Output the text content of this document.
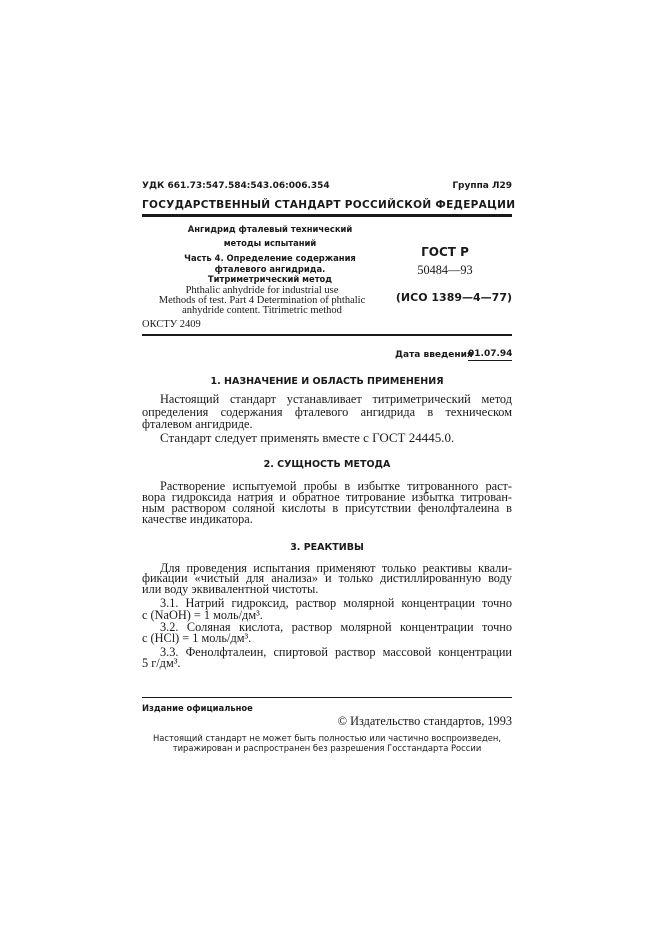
УДК 661.73:547.584:543.06:006.354	Группа Л29
ГОСУДАРСТВЕННЫЙ СТАНДАРТ РОССИЙСКОЙ ФЕДЕРАЦИИ
Ангидрид фталевый технический
методы испытаний
Часть 4. Определение содержания
фталевого ангидрида.
Титриметрический метод
ГОСТ Р
50484—93
Phthalic anhydride for industrial use
Methods of test. Part 4 Determination of phthalic
anhydride content. Titrimetric method
(ИСО 1389—4—77)
ОКСТУ 2409
Дата введения
01.07.94
1. НАЗНАЧЕНИЕ И ОБЛАСТЬ ПРИМЕНЕНИЯ
Настоящий стандарт устанавливает титриметрический метод
определения содержания фталевого ангидрида в техническом
фталевом ангидриде.
Стандарт следует применять вместе с ГОСТ 24445.0.
2. СУЩНОСТЬ МЕТОДА
Растворение испытуемой пробы в избытке титрованного раст-
вора гидроксида натрия и обратное титрование избытка титрован-
ным раствором соляной кислоты в присутствии фенолфталеина в
качестве индикатора.
3. РЕАКТИВЫ
Для проведения испытания применяют только реактивы квали-
фикации «чистый для анализа» и только дистиллированную воду
или воду эквивалентной чистоты.
3.1. Натрий гидроксид, раствор молярной концентрации точно
c (NaOH) = 1 моль/дм³.
3.2. Соляная кислота, раствор молярной концентрации точно
c (HCl) = 1 моль/дм³.
3.3. Фенолфталеин, спиртовой раствор массовой концентрации
5 г/дм³.
Издание официальное
© Издательство стандартов, 1993
Настоящий стандарт не может быть полностью или частично воспроизведен,
тиражирован и распространен без разрешения Госстандарта России
